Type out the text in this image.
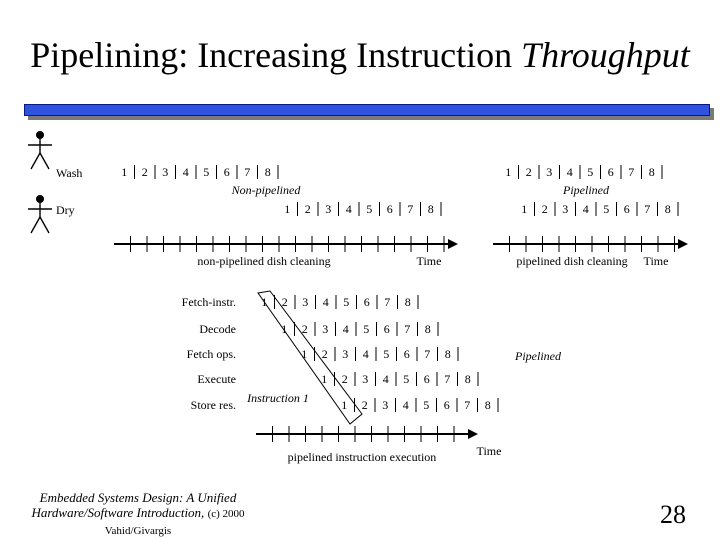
Pipelining: Increasing Instruction Throughput
Wash
Dry
1 2 3 4 5 6 7 8
Non-pipelined
1 2 3 4 5 6 7 8
1 2 3 4 5 6 7 8
Pipelined
1 2 3 4 5 6 7 8
non-pipelined dish cleaning	Time	pipelined dish cleaning Time
Fetch-instr. 1 2 3 4 5 6 7 8
Decode	1 2 3 4 5 6 7 8
Fetch ops.	1 2 3 4 5 6 7 8
Execute	1 2 3 4 5 6 7 8
Store res.	1 2 3 4 5 6 7 8
Instruction 1
Pipelined
pipelined instruction execution	Time
Embedded Systems Design: A Unified
Hardware/Software Introduction, (c) 2000 Vahid/Givargis
28
